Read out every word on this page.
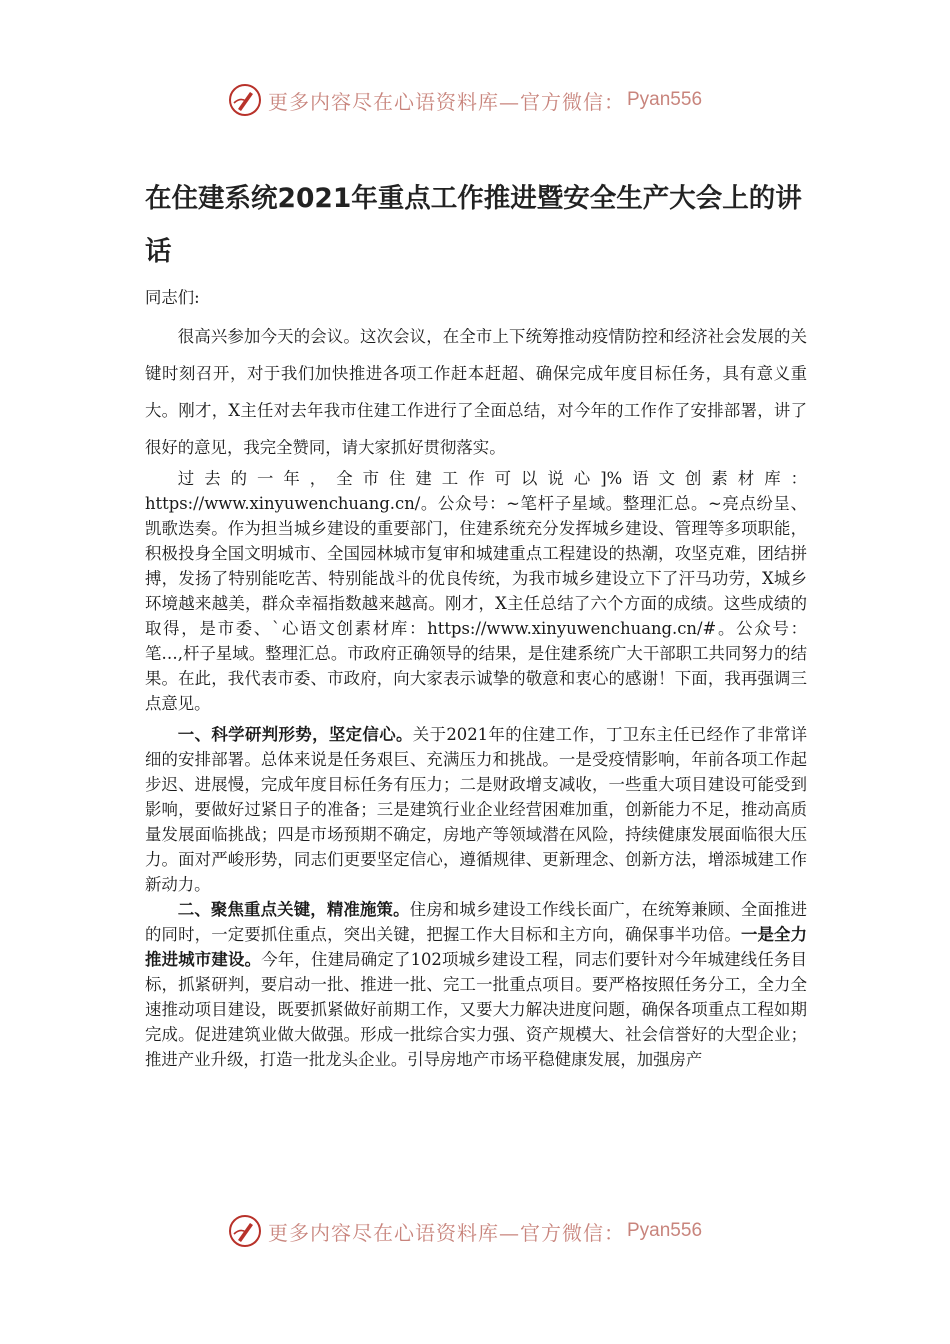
更多内容尽在心语资料库—官方微信： Pyan556
在住建系统2021年重点工作推进暨安全生产大会上的讲话

同志们:

很高兴参加今天的会议。这次会议，在全市上下统筹推动疫情防控和经济社会发展的关键时刻召开，对于我们加快推进各项工作赶本赶超、确保完成年度目标任务，具有意义重大。刚才，X主任对去年我市住建工作进行了全面总结，对今年的工作作了安排部署，讲了很好的意见，我完全赞同，请大家抓好贯彻落实。

过去的一年，全市住建工作可以说心]%语文创素材库：https://www.xinyuwenchuang.cn/。公众号：~笔杆子星域。整理汇总。~亮点纷呈、凯歌迭奏。作为担当城乡建设的重要部门，住建系统充分发挥城乡建设、管理等多项职能，积极投身全国文明城市、全国园林城市复审和城建重点工程建设的热潮，攻坚克难，团结拼搏，发扬了特别能吃苦、特别能战斗的优良传统，为我市城乡建设立下了汗马功劳，X城乡环境越来越美，群众幸福指数越来越高。刚才，X主任总结了六个方面的成绩。这些成绩的取得，是市委、`心语文创素材库：https://www.xinyuwenchuang.cn/#。公众号：笔…,杆子星域。整理汇总。市政府正确领导的结果，是住建系统广大干部职工共同努力的结果。在此，我代表市委、市政府，向大家表示诚挚的敬意和衷心的感谢！下面，我再强调三点意见。

一、科学研判形势，坚定信心。关于2021年的住建工作，丁卫东主任已经作了非常详细的安排部署。总体来说是任务艰巨、充满压力和挑战。一是受疫情影响，年前各项工作起步迟、进展慢，完成年度目标任务有压力；二是财政增支减收，一些重大项目建设可能受到影响，要做好过紧日子的准备；三是建筑行业企业经营困难加重，创新能力不足，推动高质量发展面临挑战；四是市场预期不确定，房地产等领域潜在风险，持续健康发展面临很大压力。面对严峻形势，同志们更要坚定信心，遵循规律、更新理念、创新方法，增添城建工作新动力。

二、聚焦重点关键，精准施策。住房和城乡建设工作线长面广，在统筹兼顾、全面推进的同时，一定要抓住重点，突出关键，把握工作大目标和主方向，确保事半功倍。一是全力推进城市建设。今年，住建局确定了102项城乡建设工程，同志们要针对今年城建线任务目标，抓紧研判，要启动一批、推进一批、完工一批重点项目。要严格按照任务分工，全力全速推动项目建设，既要抓紧做好前期工作，又要大力解决进度问题，确保各项重点工程如期完成。促进建筑业做大做强。形成一批综合实力强、资产规模大、社会信誉好的大型企业；推进产业升级，打造一批龙头企业。引导房地产市场平稳健康发展，加强房产

更多内容尽在心语资料库—官方微信： Pyan556
